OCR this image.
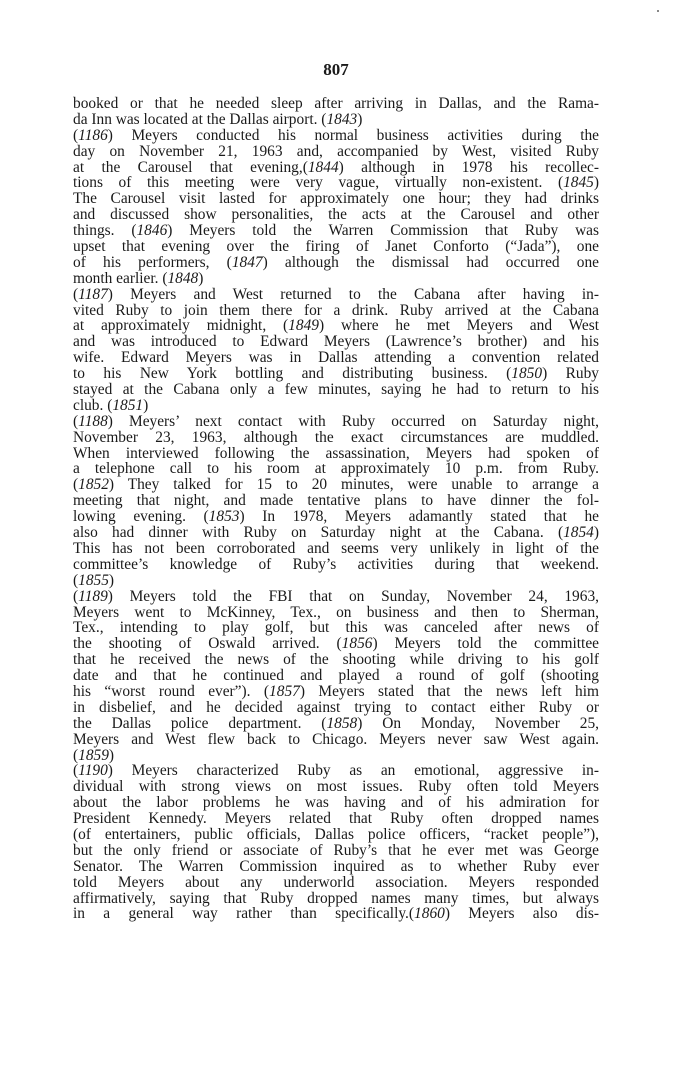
807
booked or that he needed sleep after arriving in Dallas, and the Rama-
da Inn was located at the Dallas airport. (1843)
(1186) Meyers conducted his normal business activities during the
day on November 21, 1963 and, accompanied by West, visited Ruby
at the Carousel that evening,(1844) although in 1978 his recollec-
tions of this meeting were very vague, virtually non-existent. (1845)
The Carousel visit lasted for approximately one hour; they had drinks
and discussed show personalities, the acts at the Carousel and other
things. (1846) Meyers told the Warren Commission that Ruby was
upset that evening over the firing of Janet Conforto (“Jada”), one
of his performers, (1847) although the dismissal had occurred one
month earlier. (1848)
(1187) Meyers and West returned to the Cabana after having in-
vited Ruby to join them there for a drink. Ruby arrived at the Cabana
at approximately midnight, (1849) where he met Meyers and West
and was introduced to Edward Meyers (Lawrence’s brother) and his
wife. Edward Meyers was in Dallas attending a convention related
to his New York bottling and distributing business. (1850) Ruby
stayed at the Cabana only a few minutes, saying he had to return to his
club. (1851)
(1188) Meyers’ next contact with Ruby occurred on Saturday night,
November 23, 1963, although the exact circumstances are muddled.
When interviewed following the assassination, Meyers had spoken of
a telephone call to his room at approximately 10 p.m. from Ruby.
(1852) They talked for 15 to 20 minutes, were unable to arrange a
meeting that night, and made tentative plans to have dinner the fol-
lowing evening. (1853) In 1978, Meyers adamantly stated that he
also had dinner with Ruby on Saturday night at the Cabana. (1854)
This has not been corroborated and seems very unlikely in light of the
committee’s knowledge of Ruby’s activities during that weekend.
(1855)
(1189) Meyers told the FBI that on Sunday, November 24, 1963,
Meyers went to McKinney, Tex., on business and then to Sherman,
Tex., intending to play golf, but this was canceled after news of
the shooting of Oswald arrived. (1856) Meyers told the committee
that he received the news of the shooting while driving to his golf
date and that he continued and played a round of golf (shooting
his “worst round ever”). (1857) Meyers stated that the news left him
in disbelief, and he decided against trying to contact either Ruby or
the Dallas police department. (1858) On Monday, November 25,
Meyers and West flew back to Chicago. Meyers never saw West again.
(1859)
(1190) Meyers characterized Ruby as an emotional, aggressive in-
dividual with strong views on most issues. Ruby often told Meyers
about the labor problems he was having and of his admiration for
President Kennedy. Meyers related that Ruby often dropped names
(of entertainers, public officials, Dallas police officers, “racket people”),
but the only friend or associate of Ruby’s that he ever met was George
Senator. The Warren Commission inquired as to whether Ruby ever
told Meyers about any underworld association. Meyers responded
affirmatively, saying that Ruby dropped names many times, but always
in a general way rather than specifically.(1860) Meyers also dis-
